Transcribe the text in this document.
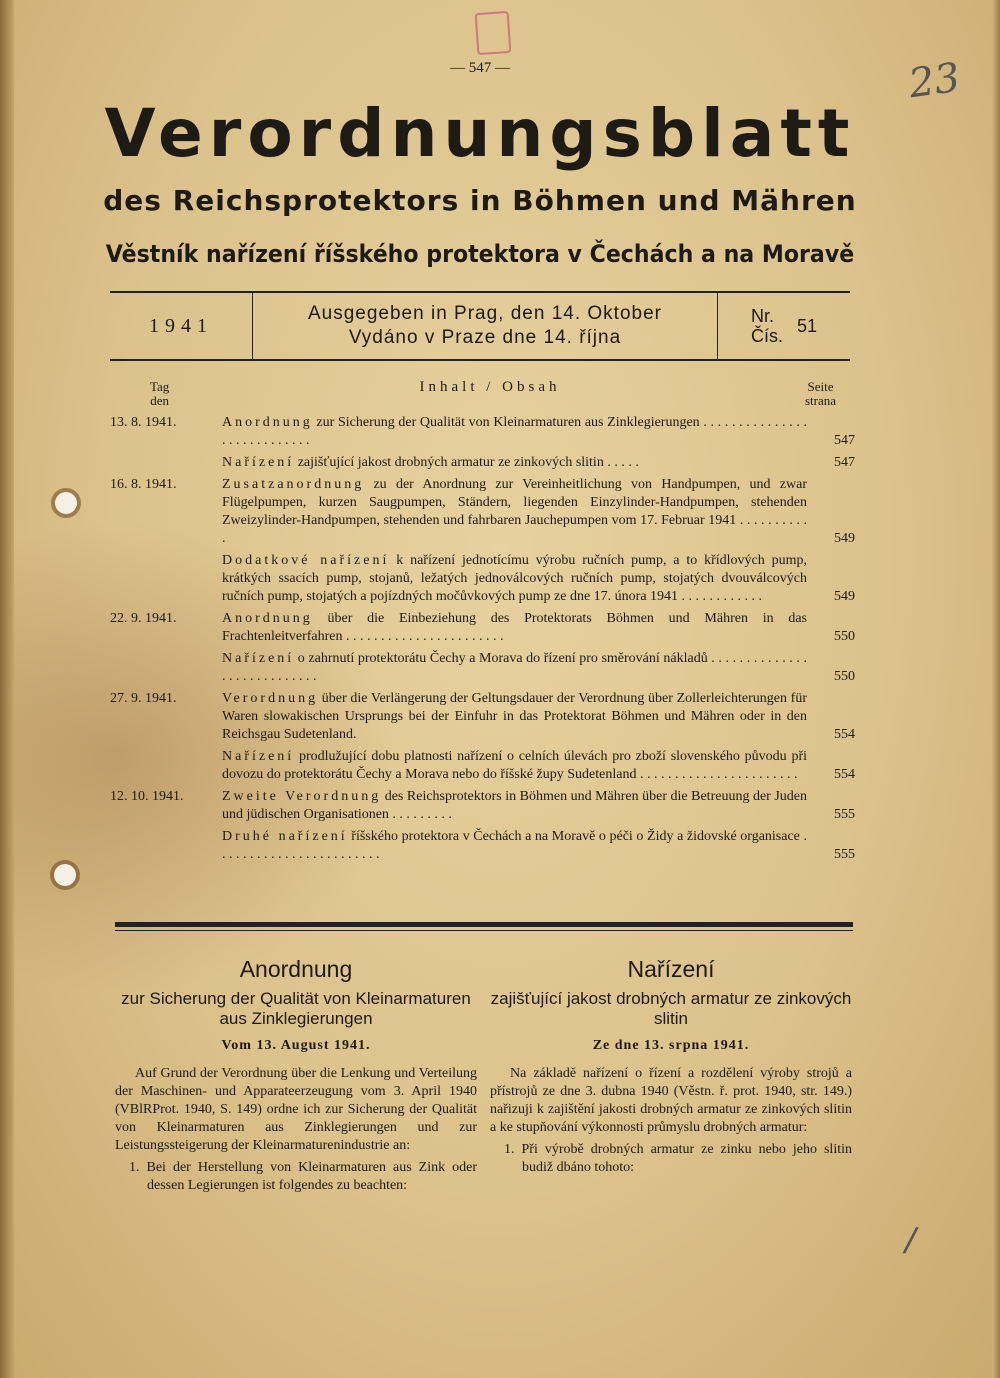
— 547 —	23
Verordnungsblatt
des Reichsprotektors in Böhmen und Mähren
Věstník nařízení říšského protektora v Čechách a na Moravě
1941
Ausgegeben in Prag, den 14. Oktober
Vydáno v Praze dne 14. října
Nr.
Čís.
51
Tag
den
Inhalt / Obsah	Seite
strana
13. 8. 1941.	Anordnung zur Sicherung der Qualität von Kleinarmaturen aus Zinklegierungen . . . . . . . . . . . . . . . . . . . . . . . . . . . .	547
Nařízení zajišťující jakost drobných armatur ze zinkových slitin . . . . .	547
16. 8. 1941.	Zusatzanordnung zu der Anordnung zur Vereinheitlichung von Handpumpen, und zwar Flügelpumpen, kurzen Saugpumpen, Ständern, liegenden Einzylinder-Handpumpen, stehenden Zweizylinder-Handpumpen, stehenden und fahrbaren Jauchepumpen vom 17. Februar 1941 . . . . . . . . . . .	549
Dodatkové nařízení k nařízení jednotícímu výrobu ručních pump, a to křídlových pump, krátkých ssacích pump, stojanů, ležatých jednoválcových ručních pump, stojatých dvouválcových ručních pump, stojatých a pojízdných močůvkových pump ze dne 17. února 1941 . . . . . . . . . . . .	549
22. 9. 1941.	Anordnung über die Einbeziehung des Protektorats Böhmen und Mähren in das Frachtenleitverfahren . . . . . . . . . . . . . . . . . . . . . . .	550
Nařízení o zahrnutí protektorátu Čechy a Morava do řízení pro směrování nákladů . . . . . . . . . . . . . . . . . . . . . . . . . . . .	550
27. 9. 1941.	Verordnung über die Verlängerung der Geltungsdauer der Verordnung über Zollerleichterungen für Waren slowakischen Ursprungs bei der Einfuhr in das Protektorat Böhmen und Mähren oder in den Reichsgau Sudetenland.	554
Nařízení prodlužující dobu platnosti nařízení o celních úlevách pro zboží slovenského původu při dovozu do protektorátu Čechy a Morava nebo do říšské župy Sudetenland . . . . . . . . . . . . . . . . . . . . . . .	554
12. 10. 1941.	Zweite Verordnung des Reichsprotektors in Böhmen und Mähren über die Betreuung der Juden und jüdischen Organisationen . . . . . . . . .	555
Druhé nařízení říšského protektora v Čechách a na Moravě o péči o Židy a židovské organisace . . . . . . . . . . . . . . . . . . . . . . . .	555
Anordnung
zur Sicherung der Qualität von Kleinarmaturen aus Zinklegierungen
Vom 13. August 1941.
Auf Grund der Verordnung über die Lenkung und Verteilung der Maschinen- und Apparateerzeugung vom 3. April 1940 (VBlRProt. 1940, S. 149) ordne ich zur Sicherung der Qualität von Kleinarmaturen aus Zinklegierungen und zur Leistungssteigerung der Kleinarmaturenindustrie an:
1. Bei der Herstellung von Kleinarmaturen aus Zink oder dessen Legierungen ist folgendes zu beachten:
Nařízení
zajišťující jakost drobných armatur ze zinkových slitin
Ze dne 13. srpna 1941.
Na základě nařízení o řízení a rozdělení výroby strojů a přístrojů ze dne 3. dubna 1940 (Věstn. ř. prot. 1940, str. 149.) nařizuji k zajištění jakosti drobných armatur ze zinkových slitin a ke stupňování výkonnosti průmyslu drobných armatur:
1. Při výrobě drobných armatur ze zinku nebo jeho slitin budiž dbáno tohoto:
/
